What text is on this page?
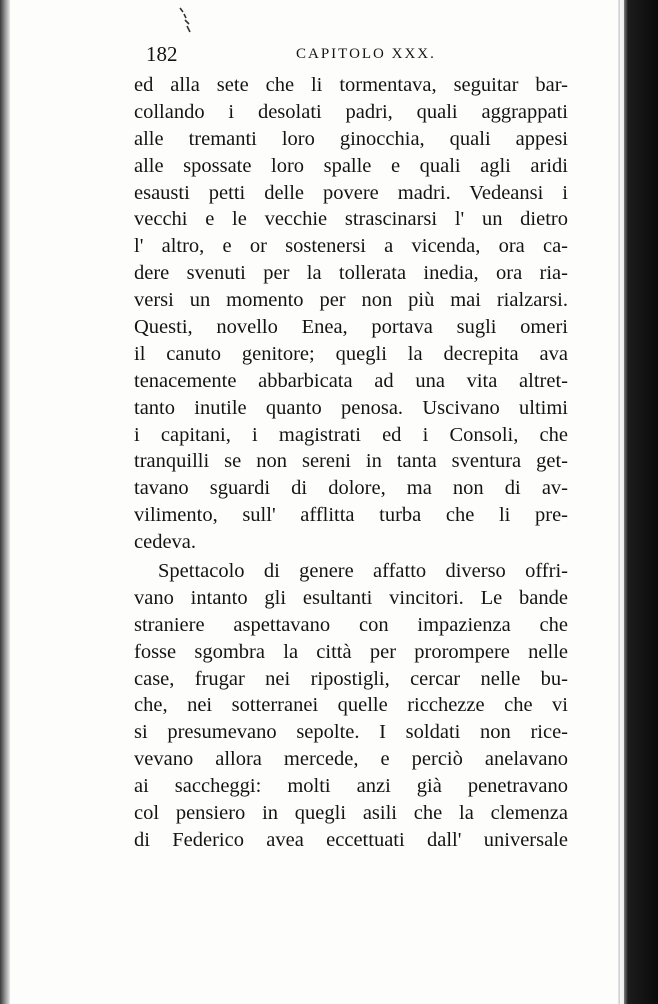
182	CAPITOLO XXX.
ed alla sete che li tormentava, seguitar bar-
collando i desolati padri, quali aggrappati
alle tremanti loro ginocchia, quali appesi
alle spossate loro spalle e quali agli aridi
esausti petti delle povere madri. Vedeansi i
vecchi e le vecchie strascinarsi l' un dietro
l' altro, e or sostenersi a vicenda, ora ca-
dere svenuti per la tollerata inedia, ora ria-
versi un momento per non più mai rialzarsi.
Questi, novello Enea, portava sugli omeri
il canuto genitore; quegli la decrepita ava
tenacemente abbarbicata ad una vita altret-
tanto inutile quanto penosa. Uscivano ultimi
i capitani, i magistrati ed i Consoli, che
tranquilli se non sereni in tanta sventura get-
tavano sguardi di dolore, ma non di av-
vilimento, sull' afflitta turba che li pre-
cedeva.
Spettacolo di genere affatto diverso offri-
vano intanto gli esultanti vincitori. Le bande
straniere aspettavano con impazienza che
fosse sgombra la città per prorompere nelle
case, frugar nei ripostigli, cercar nelle bu-
che, nei sotterranei quelle ricchezze che vi
si presumevano sepolte. I soldati non rice-
vevano allora mercede, e perciò anelavano
ai saccheggi: molti anzi già penetravano
col pensiero in quegli asili che la clemenza
di Federico avea eccettuati dall' universale
